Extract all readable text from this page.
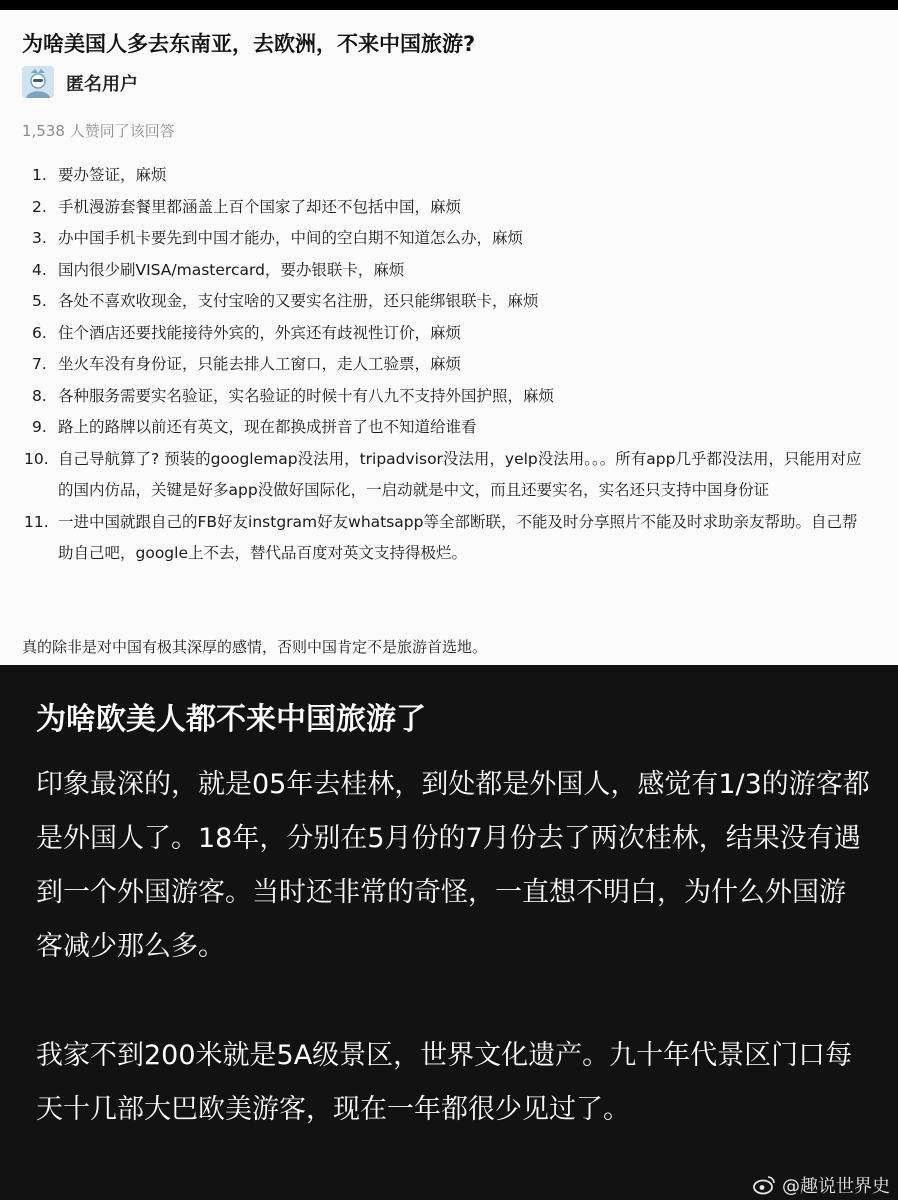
为啥美国人多去东南亚，去欧洲，不来中国旅游?
匿名用户
1,538 人赞同了该回答
1. 要办签证，麻烦
2. 手机漫游套餐里都涵盖上百个国家了却还不包括中国，麻烦
3. 办中国手机卡要先到中国才能办，中间的空白期不知道怎么办，麻烦
4. 国内很少刷VISA/mastercard，要办银联卡，麻烦
5. 各处不喜欢收现金，支付宝啥的又要实名注册，还只能绑银联卡，麻烦
6. 住个酒店还要找能接待外宾的，外宾还有歧视性订价，麻烦
7. 坐火车没有身份证，只能去排人工窗口，走人工验票，麻烦
8. 各种服务需要实名验证，实名验证的时候十有八九不支持外国护照，麻烦
9. 路上的路牌以前还有英文，现在都换成拼音了也不知道给谁看
10. 自己导航算了? 预装的googlemap没法用，tripadvisor没法用，yelp没法用。。。所有app几乎都没法用，只能用对应的国内仿品，关键是好多app没做好国际化，一启动就是中文，而且还要实名，实名还只支持中国身份证
11. 一进中国就跟自己的FB好友instgram好友whatsapp等全部断联，不能及时分享照片不能及时求助亲友帮助。自己帮助自己吧，google上不去，替代品百度对英文支持得极烂。
真的除非是对中国有极其深厚的感情，否则中国肯定不是旅游首选地。
为啥欧美人都不来中国旅游了

印象最深的，就是05年去桂林，到处都是外国人，感觉有1/3的游客都是外国人了。18年，分别在5月份的7月份去了两次桂林，结果没有遇到一个外国游客。当时还非常的奇怪，一直想不明白，为什么外国游客减少那么多。

我家不到200米就是5A级景区，世界文化遗产。九十年代景区门口每天十几部大巴欧美游客，现在一年都很少见过了。

@趣说世界史
